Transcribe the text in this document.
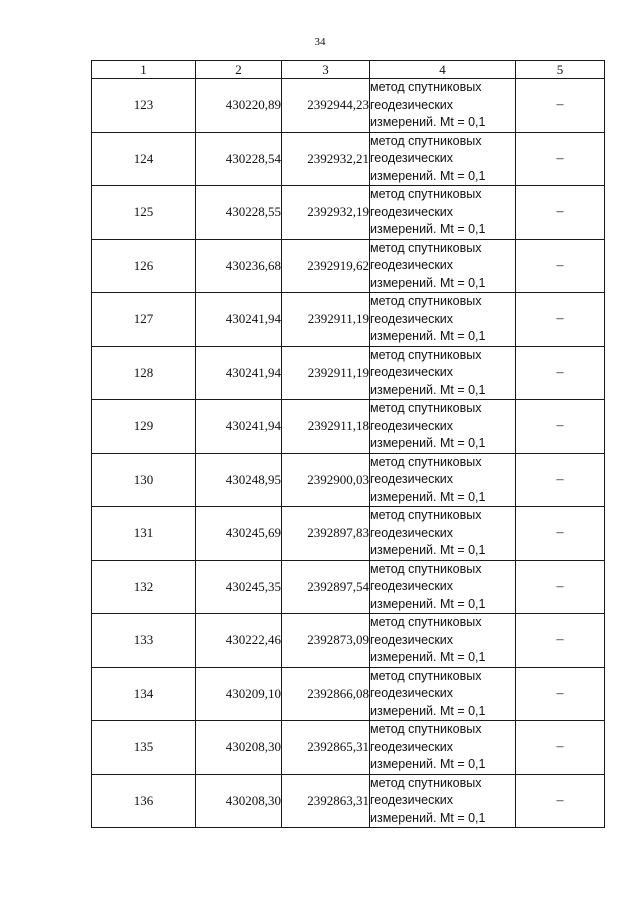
34
1	2	3	4	5
123	430220,89	2392944,23	метод спутниковых
геодезических
измерений. Mt = 0,1	–
124	430228,54	2392932,21	метод спутниковых
геодезических
измерений. Mt = 0,1	–
125	430228,55	2392932,19	метод спутниковых
геодезических
измерений. Mt = 0,1	–
126	430236,68	2392919,62	метод спутниковых
геодезических
измерений. Mt = 0,1	–
127	430241,94	2392911,19	метод спутниковых
геодезических
измерений. Mt = 0,1	–
128	430241,94	2392911,19	метод спутниковых
геодезических
измерений. Mt = 0,1	–
129	430241,94	2392911,18	метод спутниковых
геодезических
измерений. Mt = 0,1	–
130	430248,95	2392900,03	метод спутниковых
геодезических
измерений. Mt = 0,1	–
131	430245,69	2392897,83	метод спутниковых
геодезических
измерений. Mt = 0,1	–
132	430245,35	2392897,54	метод спутниковых
геодезических
измерений. Mt = 0,1	–
133	430222,46	2392873,09	метод спутниковых
геодезических
измерений. Mt = 0,1	–
134	430209,10	2392866,08	метод спутниковых
геодезических
измерений. Mt = 0,1	–
135	430208,30	2392865,31	метод спутниковых
геодезических
измерений. Mt = 0,1	–
136	430208,30	2392863,31	метод спутниковых
геодезических
измерений. Mt = 0,1	–
